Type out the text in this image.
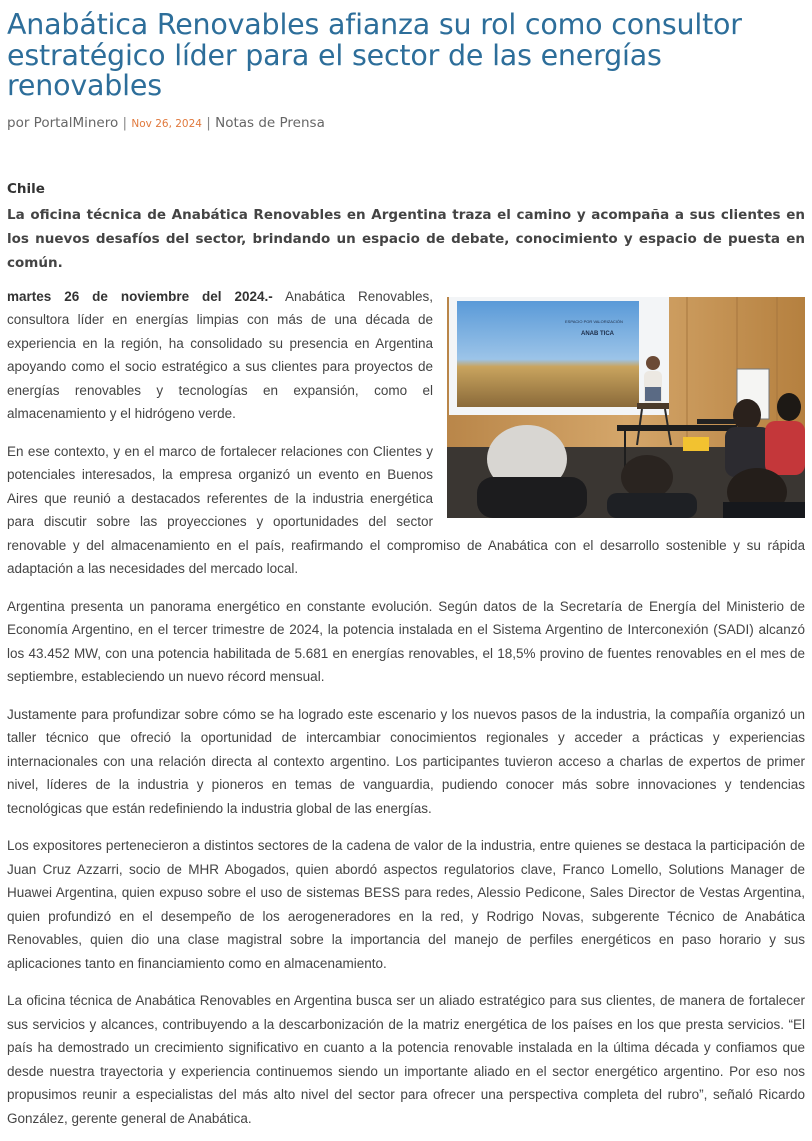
Anabática Renovables afianza su rol como consultor estratégico líder para el sector de las energías renovables
por PortalMinero | Nov 26, 2024 | Notas de Prensa
Chile
La oficina técnica de Anabática Renovables en Argentina traza el camino y acompaña a sus clientes en los nuevos desafíos del sector, brindando un espacio de debate, conocimiento y espacio de puesta en común.

ESPACIO POR VALORIZACIÓN
ANAB TICA
martes 26 de noviembre del 2024.- Anabática Renovables, consultora líder en energías limpias con más de una década de experiencia en la región, ha consolidado su presencia en Argentina apoyando como el socio estratégico a sus clientes para proyectos de energías renovables y tecnologías en expansión, como el almacenamiento y el hidrógeno verde.

En ese contexto, y en el marco de fortalecer relaciones con Clientes y potenciales interesados, la empresa organizó un evento en Buenos Aires que reunió a destacados referentes de la industria energética para discutir sobre las proyecciones y oportunidades del sector renovable y del almacenamiento en el país, reafirmando el compromiso de Anabática con el desarrollo sostenible y su rápida adaptación a las necesidades del mercado local.

Argentina presenta un panorama energético en constante evolución. Según datos de la Secretaría de Energía del Ministerio de Economía Argentino, en el tercer trimestre de 2024, la potencia instalada en el Sistema Argentino de Interconexión (SADI) alcanzó los 43.452 MW, con una potencia habilitada de 5.681 en energías renovables, el 18,5% provino de fuentes renovables en el mes de septiembre, estableciendo un nuevo récord mensual.

Justamente para profundizar sobre cómo se ha logrado este escenario y los nuevos pasos de la industria, la compañía organizó un taller técnico que ofreció la oportunidad de intercambiar conocimientos regionales y acceder a prácticas y experiencias internacionales con una relación directa al contexto argentino. Los participantes tuvieron acceso a charlas de expertos de primer nivel, líderes de la industria y pioneros en temas de vanguardia, pudiendo conocer más sobre innovaciones y tendencias tecnológicas que están redefiniendo la industria global de las energías.

Los expositores pertenecieron a distintos sectores de la cadena de valor de la industria, entre quienes se destaca la participación de Juan Cruz Azzarri, socio de MHR Abogados, quien abordó aspectos regulatorios clave, Franco Lomello, Solutions Manager de Huawei Argentina, quien expuso sobre el uso de sistemas BESS para redes, Alessio Pedicone, Sales Director de Vestas Argentina, quien profundizó en el desempeño de los aerogeneradores en la red, y Rodrigo Novas, subgerente Técnico de Anabática Renovables, quien dio una clase magistral sobre la importancia del manejo de perfiles energéticos en paso horario y sus aplicaciones tanto en financiamiento como en almacenamiento.

La oficina técnica de Anabática Renovables en Argentina busca ser un aliado estratégico para sus clientes, de manera de fortalecer sus servicios y alcances, contribuyendo a la descarbonización de la matriz energética de los países en los que presta servicios. “El país ha demostrado un crecimiento significativo en cuanto a la potencia renovable instalada en la última década y confiamos que desde nuestra trayectoria y experiencia continuemos siendo un importante aliado en el sector energético argentino. Por eso nos propusimos reunir a especialistas del más alto nivel del sector para ofrecer una perspectiva completa del rubro”, señaló Ricardo González, gerente general de Anabática.
